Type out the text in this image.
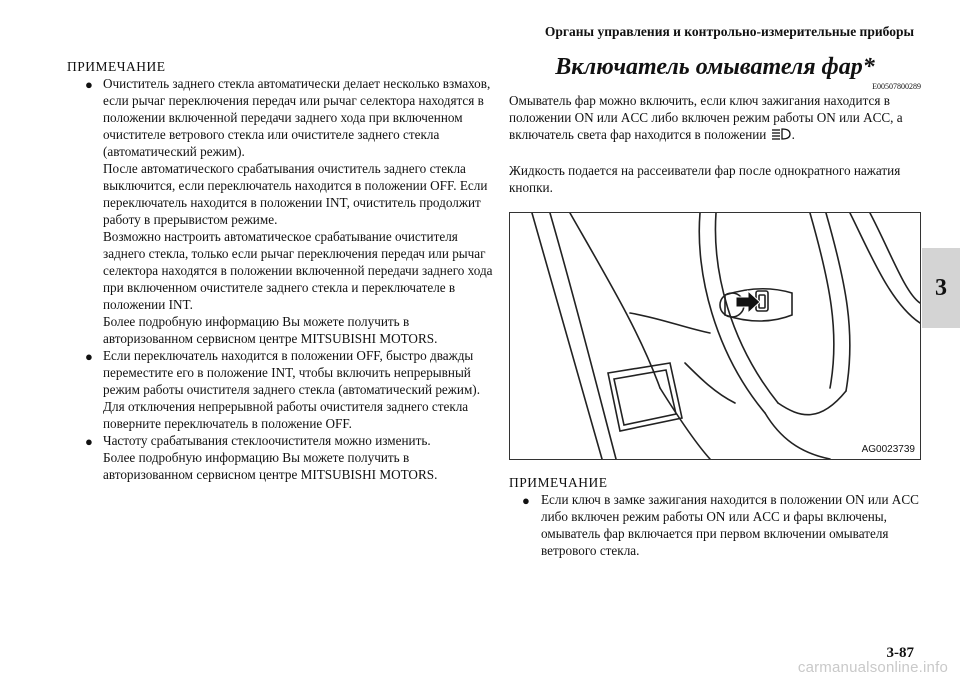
Органы управления и контрольно-измерительные приборы
3
ПРИМЕЧАНИЕ
● Очиститель заднего стекла автоматически делает несколько взмахов, если рычаг переключения передач или рычаг селектора находятся в положении включенной передачи заднего хода при включенном очистителе ветрового стекла или очистителе заднего стекла (автоматический режим).
После автоматического срабатывания очиститель заднего стекла выключится, если переключатель находится в положении OFF. Если переключатель находится в положении INT, очиститель продолжит работу в прерывистом режиме.
Возможно настроить автоматическое срабатывание очистителя заднего стекла, только если рычаг переключения передач или рычаг селектора находятся в положении включенной передачи заднего хода при включенном очистителе заднего стекла и переключателе в положении INT.
Более подробную информацию Вы можете получить в авторизованном сервисном центре MITSUBISHI MOTORS.
● Если переключатель находится в положении OFF, быстро дважды переместите его в положение INT, чтобы включить непрерывный режим работы очистителя заднего стекла (автоматический режим).
Для отключения непрерывной работы очистителя заднего стекла поверните переключатель в положение OFF.
● Частоту срабатывания стеклоочистителя можно изменить.
Более подробную информацию Вы можете получить в авторизованном сервисном центре MITSUBISHI MOTORS.
Включатель омывателя фар*
E00507800289
Омыватель фар можно включить, если ключ зажигания находится в положении ON или ACC либо включен режим работы ON или ACC, а включатель света фар находится в положении .
Жидкость подается на рассеиватели фар после однократного нажатия кнопки.
AG0023739
ПРИМЕЧАНИЕ
● Если ключ в замке зажигания находится в положении ON или ACC либо включен режим работы ON или ACC и фары включены, омыватель фар включается при первом включении омывателя ветрового стекла.
3-87
carmanualsonline.info
